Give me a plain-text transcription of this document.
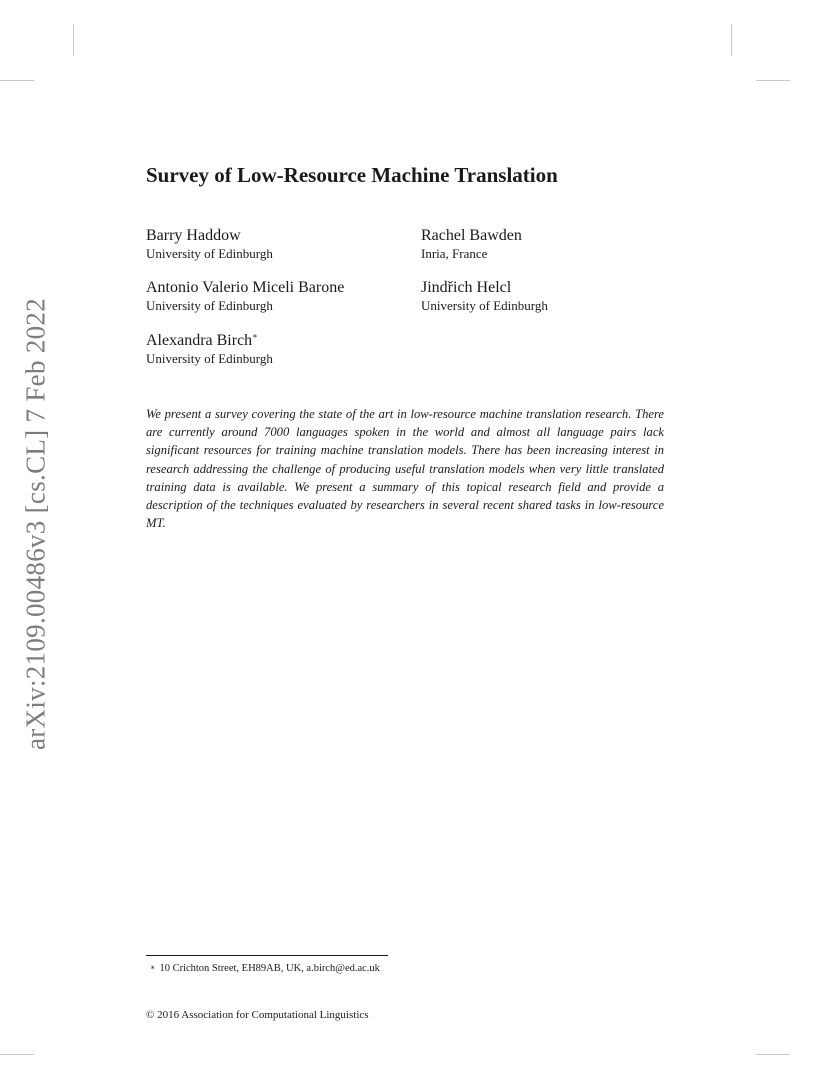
arXiv:2109.00486v3 [cs.CL] 7 Feb 2022
Survey of Low-Resource Machine Translation
Barry Haddow
University of Edinburgh
Rachel Bawden
Inria, France
Antonio Valerio Miceli Barone
University of Edinburgh
Jindřich Helcl
University of Edinburgh
Alexandra Birch∗
University of Edinburgh

We present a survey covering the state of the art in low-resource machine translation research. There are currently around 7000 languages spoken in the world and almost all language pairs lack significant resources for training machine translation models. There has been increasing interest in research addressing the challenge of producing useful translation models when very little translated training data is available. We present a summary of this topical research field and provide a description of the techniques evaluated by researchers in several recent shared tasks in low-resource MT.

∗ 10 Crichton Street, EH89AB, UK, a.birch@ed.ac.uk
© 2016 Association for Computational Linguistics
